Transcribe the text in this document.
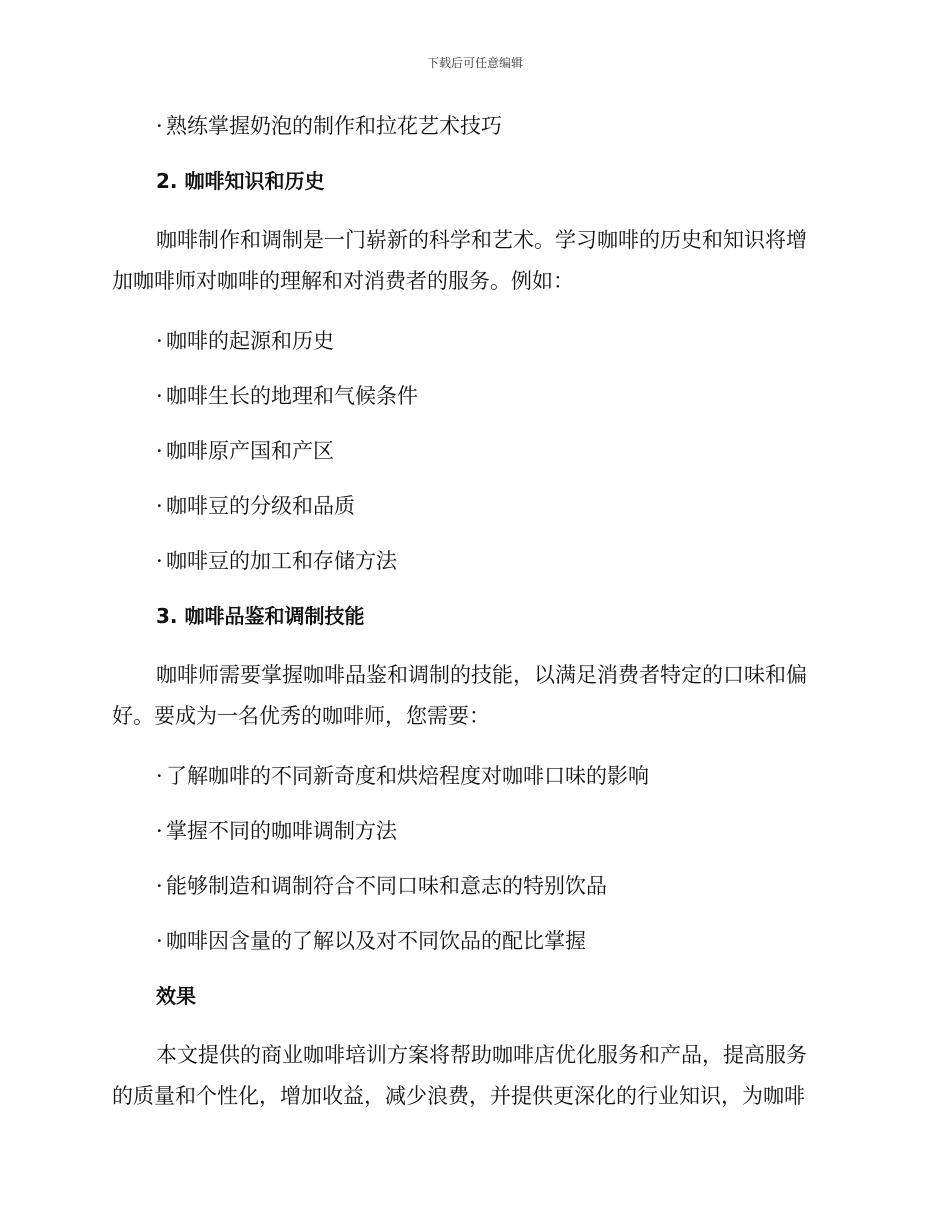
下载后可任意编辑
· 熟练掌握奶泡的制作和拉花艺术技巧
2. 咖啡知识和历史
咖啡制作和调制是一门崭新的科学和艺术。学习咖啡的历史和知识将增
加咖啡师对咖啡的理解和对消费者的服务。例如：
· 咖啡的起源和历史
· 咖啡生长的地理和气候条件
· 咖啡原产国和产区
· 咖啡豆的分级和品质
· 咖啡豆的加工和存储方法
3. 咖啡品鉴和调制技能
咖啡师需要掌握咖啡品鉴和调制的技能，以满足消费者特定的口味和偏
好。要成为一名优秀的咖啡师，您需要：
· 了解咖啡的不同新奇度和烘焙程度对咖啡口味的影响
· 掌握不同的咖啡调制方法
· 能够制造和调制符合不同口味和意志的特别饮品
· 咖啡因含量的了解以及对不同饮品的配比掌握
效果
本文提供的商业咖啡培训方案将帮助咖啡店优化服务和产品，提高服务
的质量和个性化，增加收益，减少浪费，并提供更深化的行业知识，为咖啡
